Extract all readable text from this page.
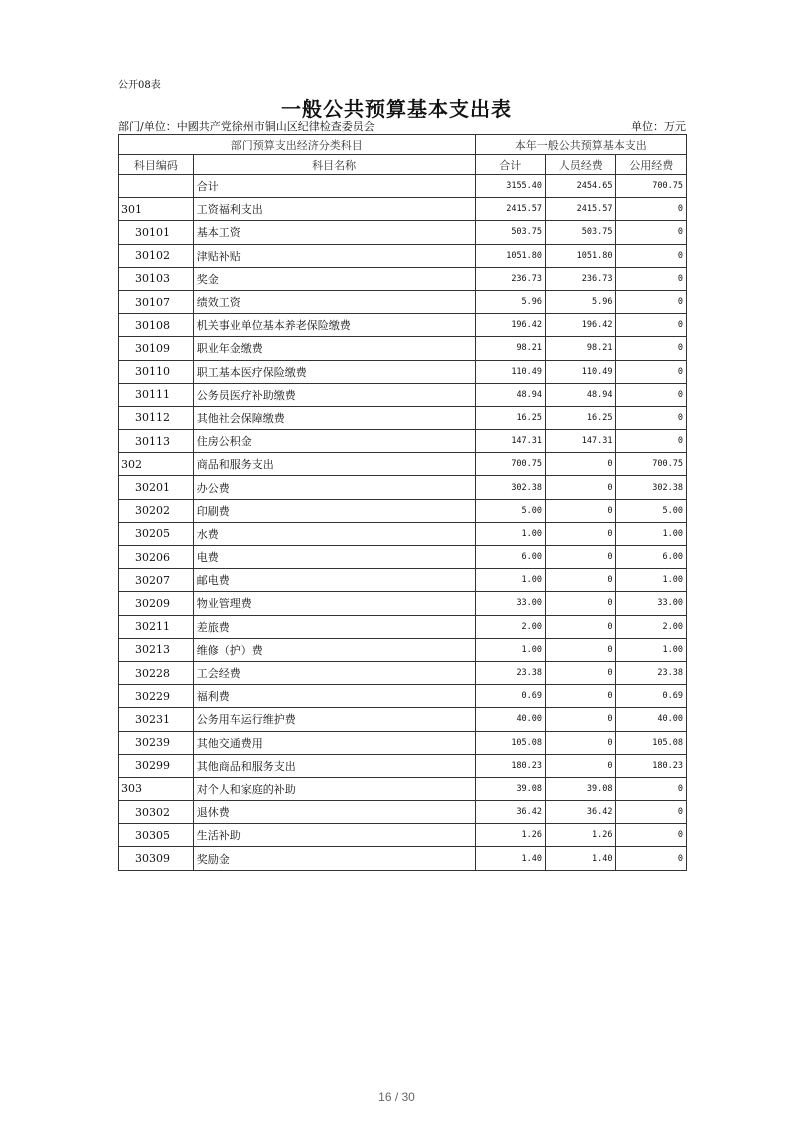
公开08表
一般公共预算基本支出表
部门/单位：中國共产党徐州市铜山区纪律检查委员会	单位：万元
部门预算支出经济分类科目		本年一般公共预算基本支出		
科目编码	科目名称	合计	人员经费	公用经费
	合计	3155.40	2454.65	700.75
301	工资福利支出	2415.57	2415.57	0
30101	基本工资	503.75	503.75	0
30102	津贴补贴	1051.80	1051.80	0
30103	奖金	236.73	236.73	0
30107	绩效工资	5.96	5.96	0
30108	机关事业单位基本养老保险缴费	196.42	196.42	0
30109	职业年金缴费	98.21	98.21	0
30110	职工基本医疗保险缴费	110.49	110.49	0
30111	公务员医疗补助缴费	48.94	48.94	0
30112	其他社会保障缴费	16.25	16.25	0
30113	住房公积金	147.31	147.31	0
302	商品和服务支出	700.75	0	700.75
30201	办公费	302.38	0	302.38
30202	印刷费	5.00	0	5.00
30205	水费	1.00	0	1.00
30206	电费	6.00	0	6.00
30207	邮电费	1.00	0	1.00
30209	物业管理费	33.00	0	33.00
30211	差旅费	2.00	0	2.00
30213	维修（护）费	1.00	0	1.00
30228	工会经费	23.38	0	23.38
30229	福利费	0.69	0	0.69
30231	公务用车运行维护费	40.00	0	40.00
30239	其他交通费用	105.08	0	105.08
30299	其他商品和服务支出	180.23	0	180.23
303	对个人和家庭的补助	39.08	39.08	0
30302	退休费	36.42	36.42	0
30305	生活补助	1.26	1.26	0
30309	奖励金	1.40	1.40	0
16 / 30
